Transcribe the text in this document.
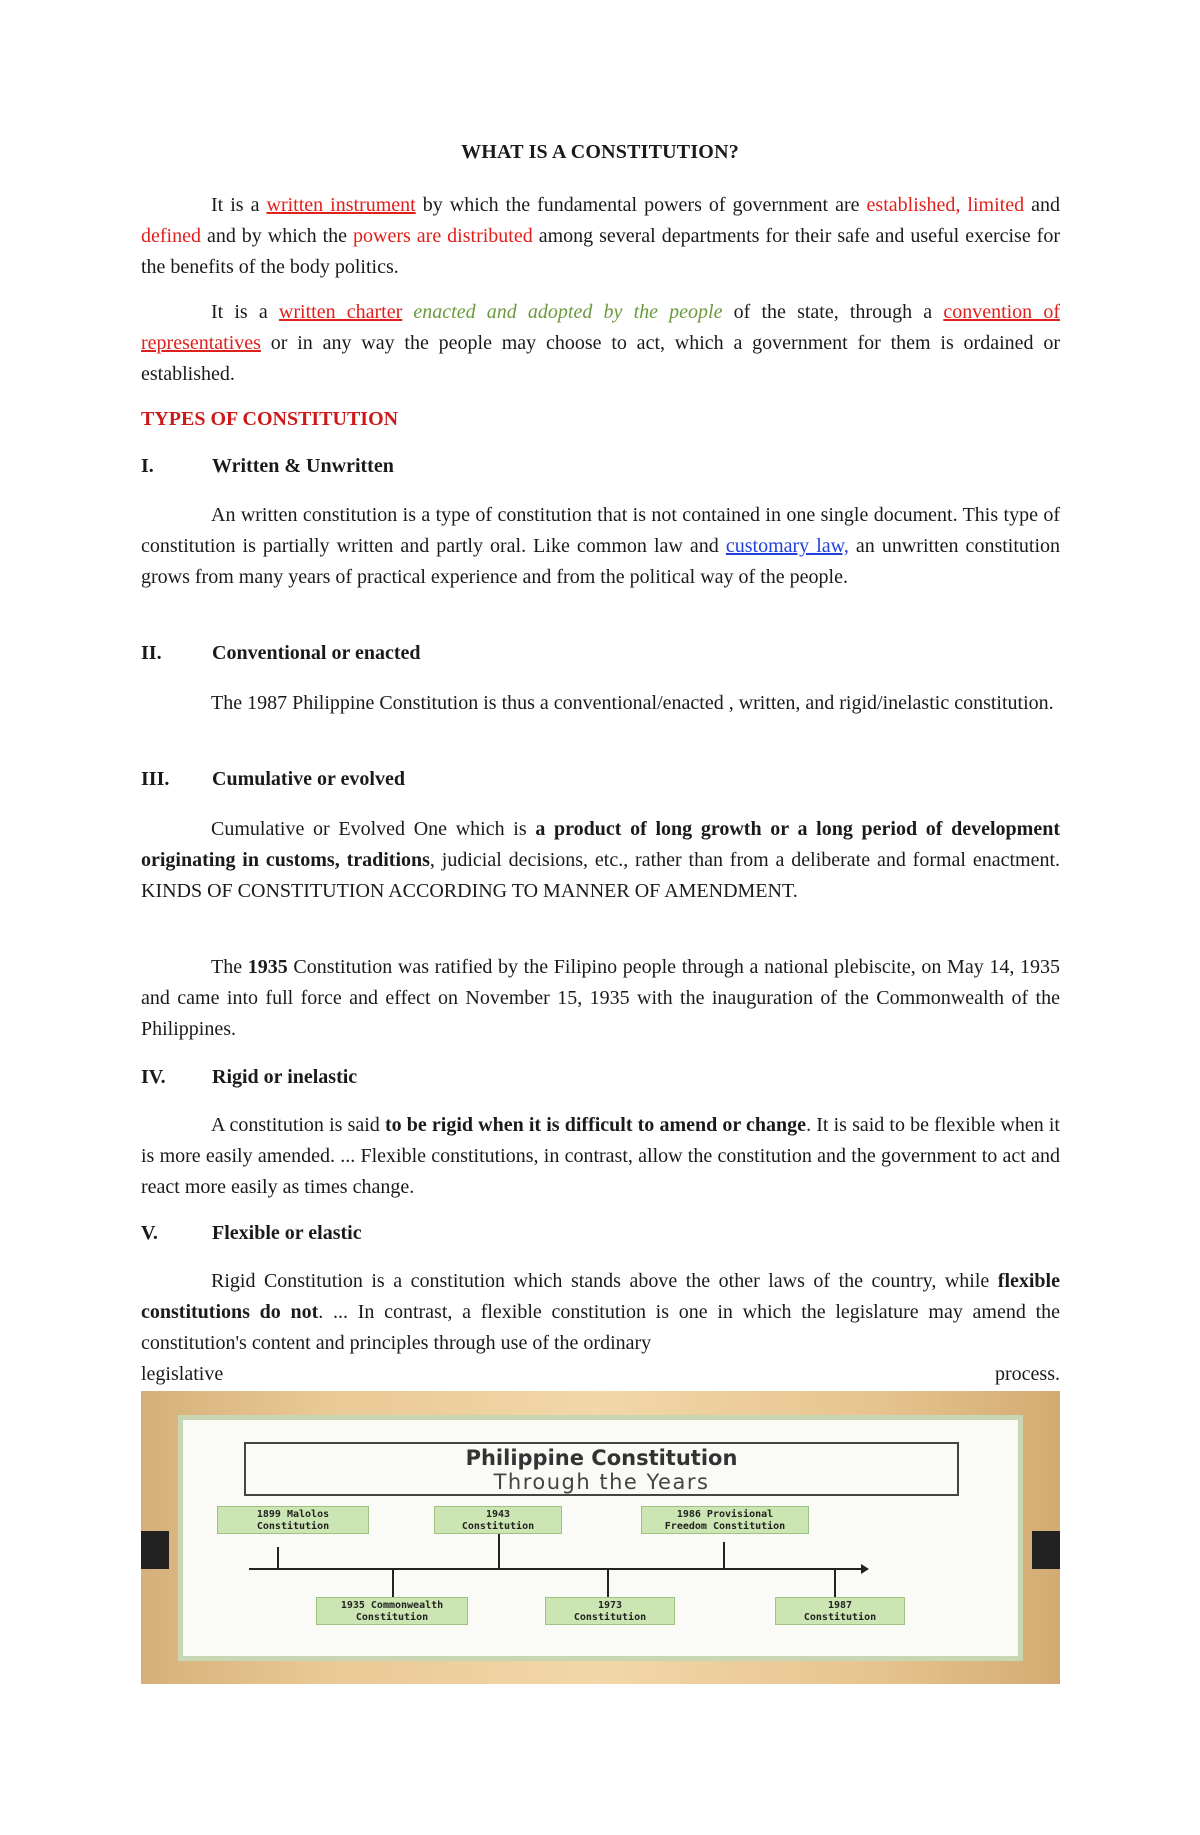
WHAT IS A CONSTITUTION?

It is a written instrument by which the fundamental powers of government are established, limited and defined and by which the powers are distributed among several departments for their safe and useful exercise for the benefits of the body politics.

It is a written charter enacted and adopted by the people of the state, through a convention of representatives or in any way the people may choose to act, which a government for them is ordained or established.

TYPES OF CONSTITUTION
I.	Written & Unwritten

An written constitution is a type of constitution that is not contained in one single document. This type of constitution is partially written and partly oral. Like common law and customary law, an unwritten constitution grows from many years of practical experience and from the political way of the people.

II.	Conventional or enacted

The 1987 Philippine Constitution is thus a conventional/enacted , written, and rigid/inelastic constitution.

III. Cumulative or evolved

Cumulative or Evolved One which is a product of long growth or a long period of development originating in customs, traditions, judicial decisions, etc., rather than from a deliberate and formal enactment. KINDS OF CONSTITUTION ACCORDING TO MANNER OF AMENDMENT.

The 1935 Constitution was ratified by the Filipino people through a national plebiscite, on May 14, 1935 and came into full force and effect on November 15, 1935 with the inauguration of the Commonwealth of the Philippines.

IV. Rigid or inelastic

A constitution is said to be rigid when it is difficult to amend or change. It is said to be flexible when it is more easily amended. ... Flexible constitutions, in contrast, allow the constitution and the government to act and react more easily as times change.

V.	Flexible or elastic

Rigid Constitution is a constitution which stands above the other laws of the country, while flexible constitutions do not. ... In contrast, a flexible constitution is one in which the legislature may amend the constitution's content and principles through use of the ordinary

legislative	process.
Philippine Constitution
Through the Years
1899 Malolos
Constitution
1943
Constitution
1986 Provisional
Freedom Constitution
1935 Commonwealth
Constitution
1973
Constitution
1987
Constitution
